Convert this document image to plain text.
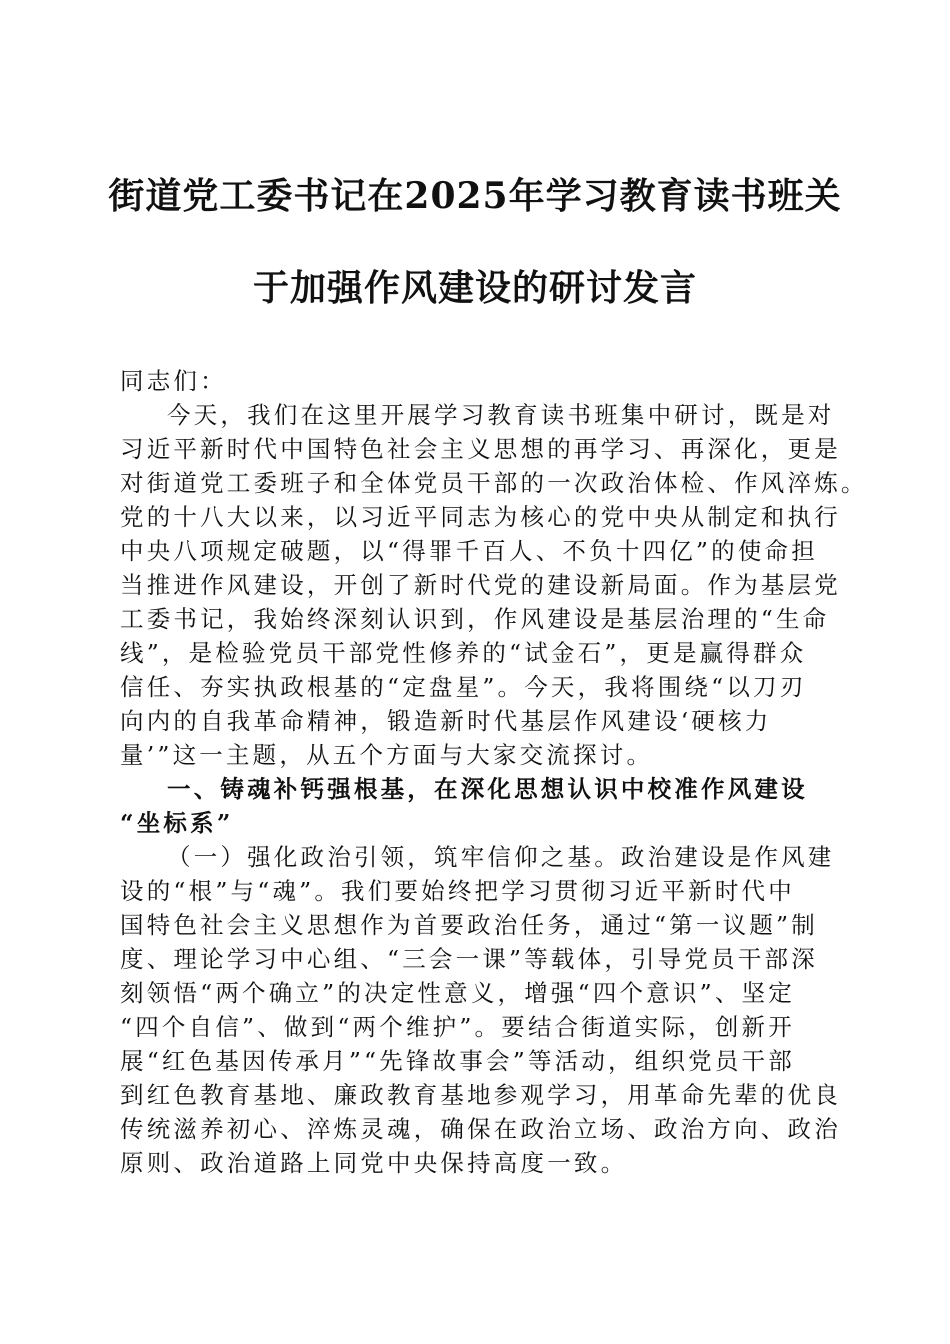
街道党工委书记在2025年学习教育读书班关
于加强作风建设的研讨发言
同志们：
今天，我们在这里开展学习教育读书班集中研讨，既是对
习近平新时代中国特色社会主义思想的再学习、再深化，更是
对街道党工委班子和全体党员干部的一次政治体检、作风淬炼。
党的十八大以来，以习近平同志为核心的党中央从制定和执行
中央八项规定破题，以“得罪千百人、不负十四亿”的使命担
当推进作风建设，开创了新时代党的建设新局面。作为基层党
工委书记，我始终深刻认识到，作风建设是基层治理的“生命
线”，是检验党员干部党性修养的“试金石”，更是赢得群众
信任、夯实执政根基的“定盘星”。今天，我将围绕“以刀刃
向内的自我革命精神，锻造新时代基层作风建设‘硬核力
量’”这一主题，从五个方面与大家交流探讨。
一、铸魂补钙强根基，在深化思想认识中校准作风建设
“坐标系”
（一）强化政治引领，筑牢信仰之基。政治建设是作风建
设的“根”与“魂”。我们要始终把学习贯彻习近平新时代中
国特色社会主义思想作为首要政治任务，通过“第一议题”制
度、理论学习中心组、“三会一课”等载体，引导党员干部深
刻领悟“两个确立”的决定性意义，增强“四个意识”、坚定
“四个自信”、做到“两个维护”。要结合街道实际，创新开
展“红色基因传承月”“先锋故事会”等活动，组织党员干部
到红色教育基地、廉政教育基地参观学习，用革命先辈的优良
传统滋养初心、淬炼灵魂，确保在政治立场、政治方向、政治
原则、政治道路上同党中央保持高度一致。
